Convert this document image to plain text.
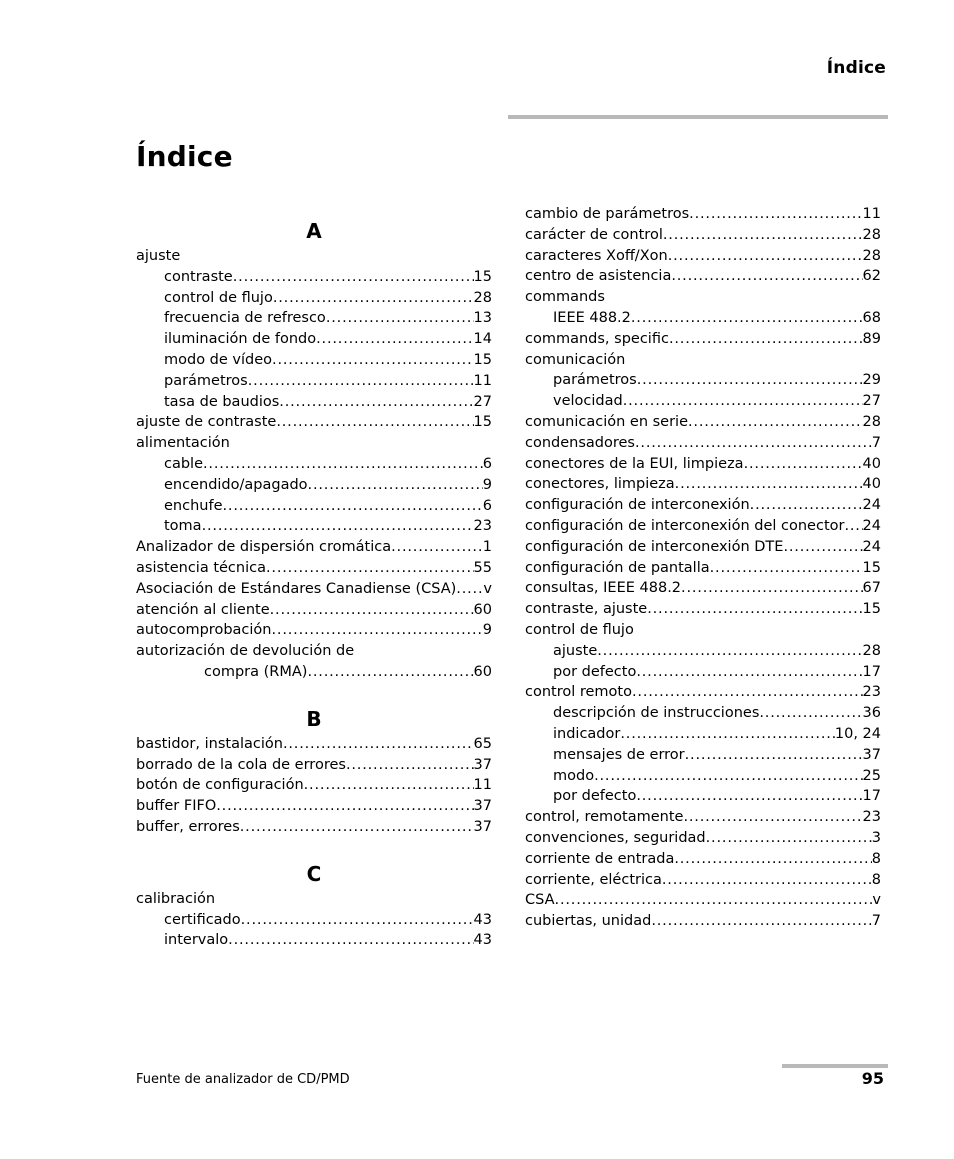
Índice
Índice
A
ajuste
contraste . . .	15
control de flujo . . .	28
frecuencia de refresco . . .	13
iluminación de fondo . . .	14
modo de vídeo . . .	15
parámetros . . .	11
tasa de baudios . . .	27
ajuste de contraste . . .	15
alimentación
cable . . .	6
encendido/apagado . . .	9
enchufe . . .	6
toma . . .	23
Analizador de dispersión cromática . . .	1
asistencia técnica . . .	55
Asociación de Estándares Canadiense (CSA) . . . v
atención al cliente . . .	60
autocomprobación . . .	9
autorización de devolución de
compra (RMA) . . .	60
B
bastidor, instalación . . .	65
borrado de la cola de errores . . .	37
botón de configuración . . .	11
buffer FIFO . . .	37
buffer, errores . . .	37
C
calibración
certificado . . .	43
intervalo . . .	43
cambio de parámetros . . .	11
carácter de control . . .	28
caracteres Xoff/Xon . . .	28
centro de asistencia . . .	62
commands
IEEE 488.2 . . .	68
commands, specific . . .	89
comunicación
parámetros . . .	29
velocidad . . .	27
comunicación en serie . . .	28
condensadores . . .	7
conectores de la EUI, limpieza . . .	40
conectores, limpieza . . .	40
configuración de interconexión . . .	24
configuración de interconexión del conector . . . 24
configuración de interconexión DTE . . .	24
configuración de pantalla . . .	15
consultas, IEEE 488.2 . . .	67
contraste, ajuste . . .	15
control de flujo
ajuste . . .	28
por defecto . . .	17
control remoto . . .	23
descripción de instrucciones . . .	36
indicador . . .	10, 24
mensajes de error . . .	37
modo . . .	25
por defecto . . .	17
control, remotamente . . .	23
convenciones, seguridad . . .	3
corriente de entrada . . .	8
corriente, eléctrica . . .	8
CSA . . .	v
cubiertas, unidad . . .	7
Fuente de analizador de CD/PMD	95
